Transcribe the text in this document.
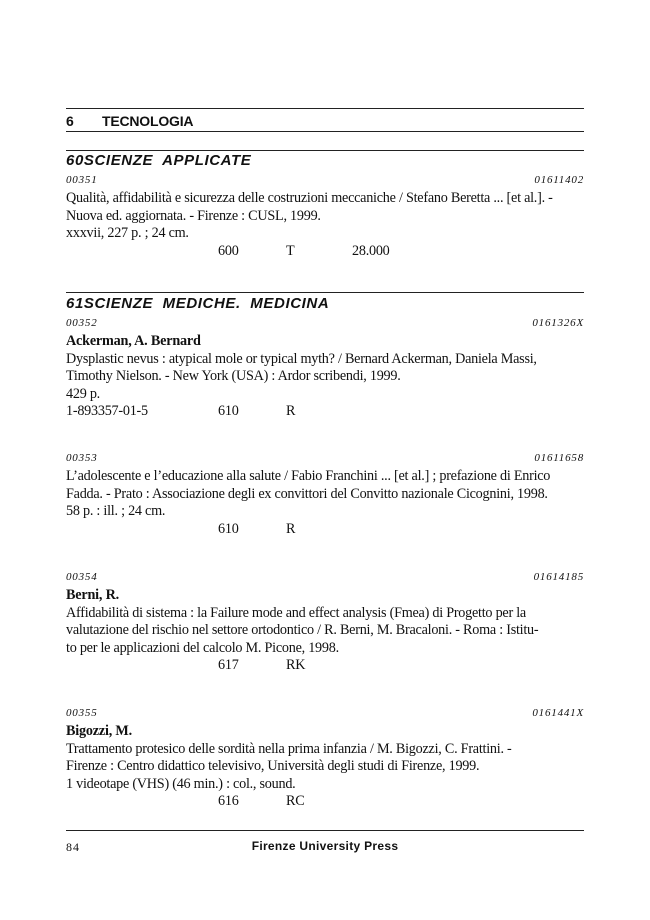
6 TECNOLOGIA
60SCIENZE  APPLICATE
00351	01611402
Qualità, affidabilità e sicurezza delle costruzioni meccaniche / Stefano Beretta ... [et al.]. -
Nuova ed. aggiornata. - Firenze : CUSL, 1999.
xxxvii, 227 p. ; 24 cm.
600	T	28.000
61SCIENZE  MEDICHE.  MEDICINA
00352	0161326X
Ackerman, A. Bernard
Dysplastic nevus : atypical mole or typical myth? / Bernard Ackerman, Daniela Massi,
Timothy Nielson. - New York (USA) : Ardor scribendi, 1999.
429 p.
1-893357-01-5	610	R
00353	01611658
L’adolescente e l’educazione alla salute / Fabio Franchini ... [et al.] ; prefazione di Enrico
Fadda. - Prato : Associazione degli ex convittori del Convitto nazionale Cicognini, 1998.
58 p. : ill. ; 24 cm.
610	R
00354	01614185
Berni, R.
Affidabilità di sistema : la Failure mode and effect analysis (Fmea) di Progetto per la
valutazione del rischio nel settore ortodontico / R. Berni, M. Bracaloni. - Roma : Istitu-
to per le applicazioni del calcolo M. Picone, 1998.
617	RK
00355	0161441X
Bigozzi, M.
Trattamento protesico delle sordità nella prima infanzia / M. Bigozzi, C. Frattini. -
Firenze : Centro didattico televisivo, Università degli studi di Firenze, 1999.
1 videotape (VHS) (46 min.) : col., sound.
616	RC
84	Firenze University Press
